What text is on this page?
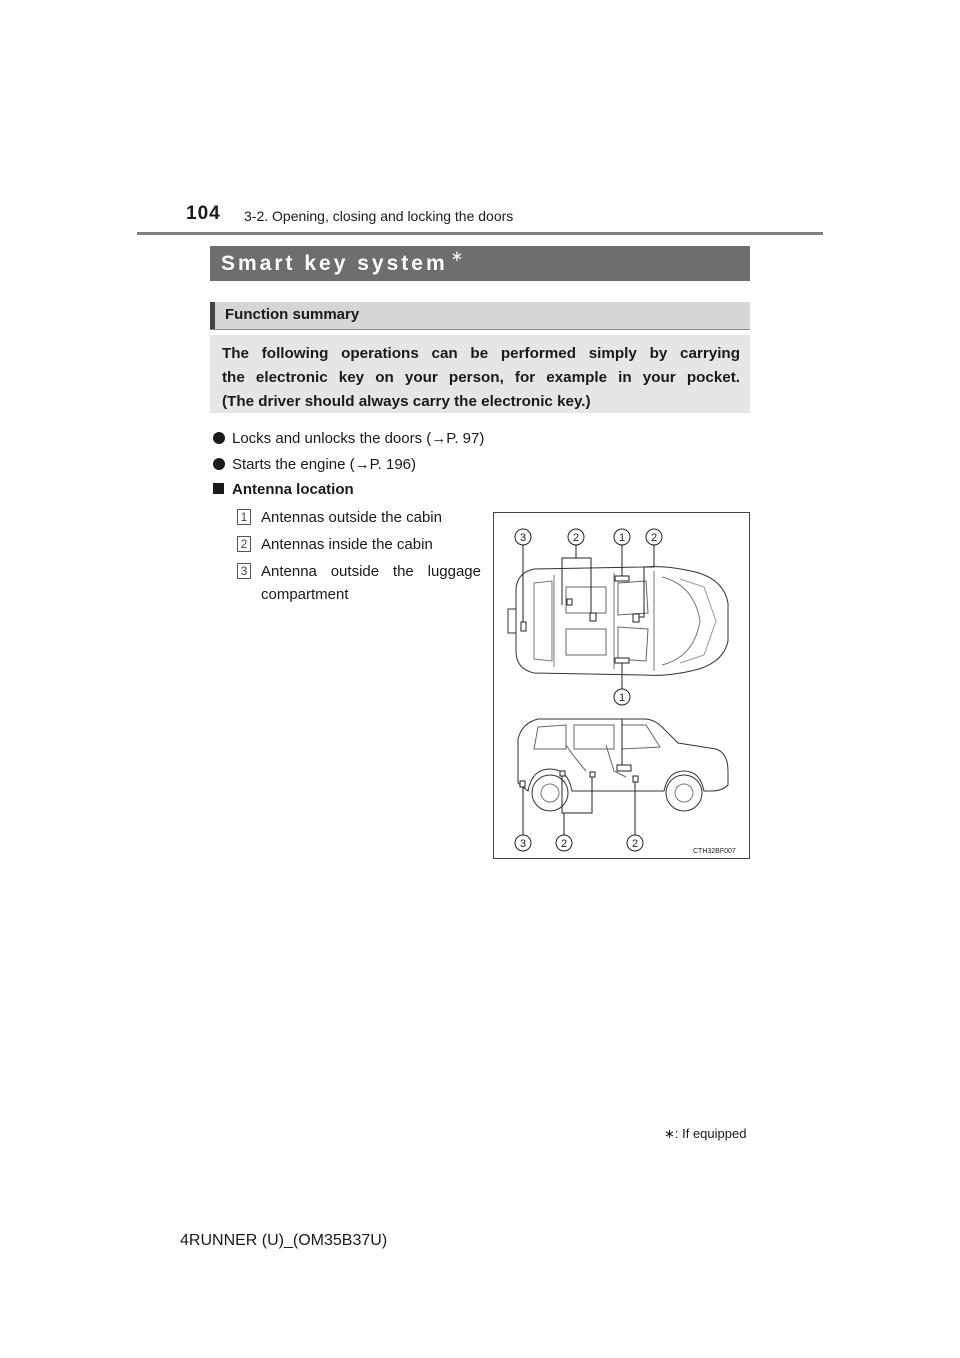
104 3-2. Opening, closing and locking the doors
Smart key system ∗
Function summary
The following operations can be performed simply by carrying
the electronic key on your person, for example in your pocket.
(The driver should always carry the electronic key.)
Locks and unlocks the doors (→P. 97)
Starts the engine (→P. 196)
Antenna location
1 Antennas outside the cabin
2 Antennas inside the cabin
3 Antenna outside the luggage
compartment
3	2	1 2
1
3	2	2
CTH32BF007
∗: If equipped
4RUNNER (U)_(OM35B37U)
